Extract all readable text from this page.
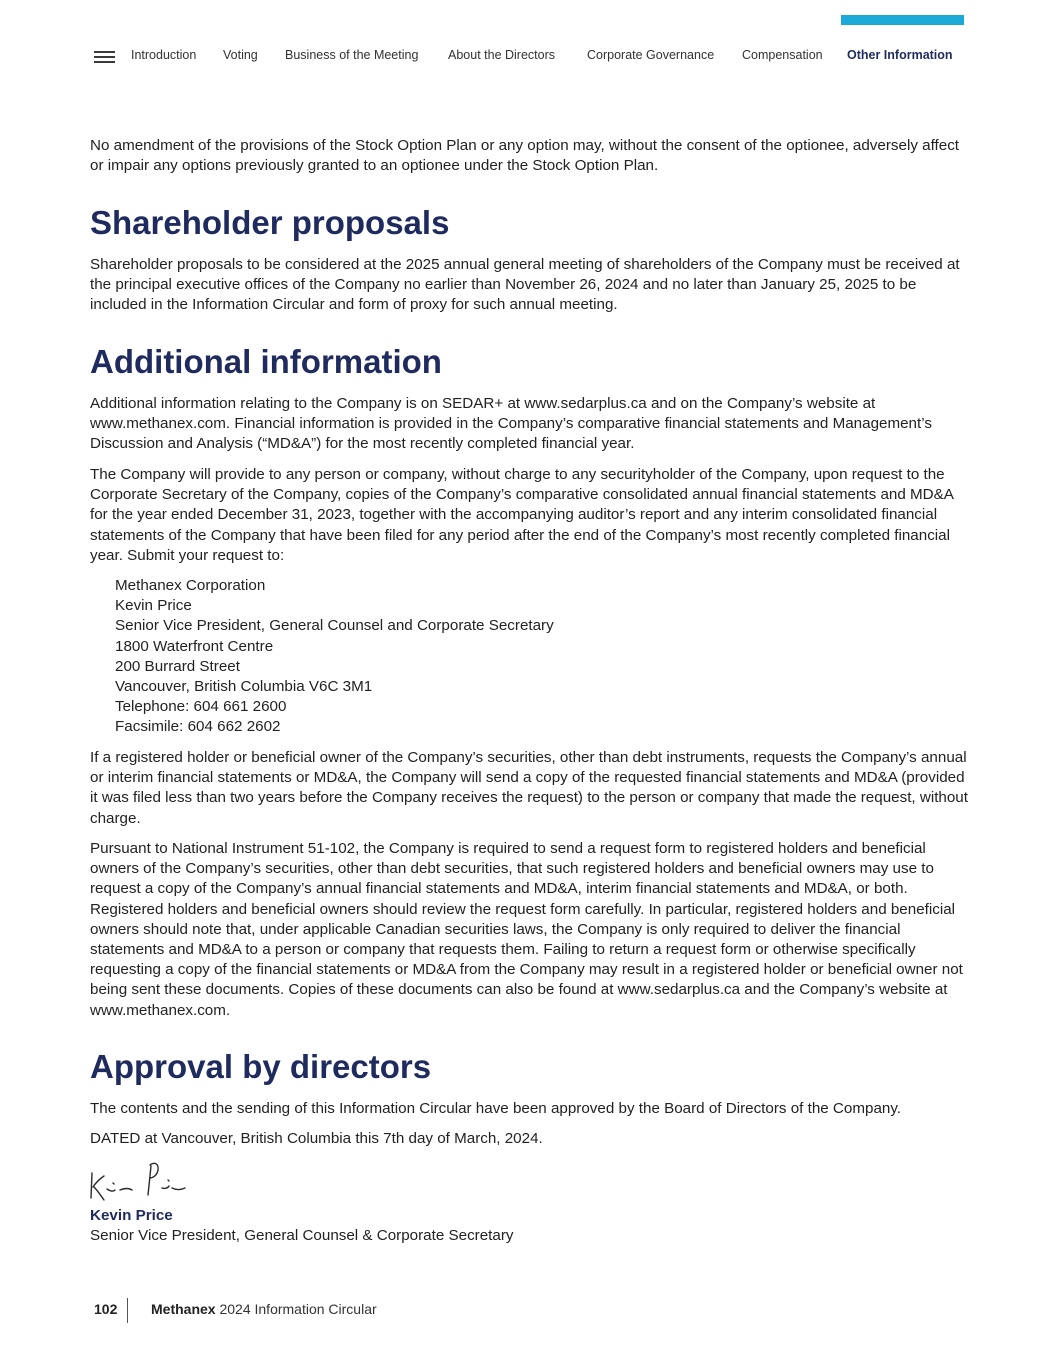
Introduction Voting Business of the Meeting About the Directors	Corporate Governance Compensation Other Information

No amendment of the provisions of the Stock Option Plan or any option may, without the consent of the optionee, adversely affect or impair any options previously granted to an optionee under the Stock Option Plan.

Shareholder proposals

Shareholder proposals to be considered at the 2025 annual general meeting of shareholders of the Company must be received at the principal executive offices of the Company no earlier than November 26, 2024 and no later than January 25, 2025 to be included in the Information Circular and form of proxy for such annual meeting.

Additional information

Additional information relating to the Company is on SEDAR+ at www.sedarplus.ca and on the Company’s website at www.methanex.com. Financial information is provided in the Company’s comparative financial statements and Management’s Discussion and Analysis (“MD&A”) for the most recently completed financial year.

The Company will provide to any person or company, without charge to any securityholder of the Company, upon request to the Corporate Secretary of the Company, copies of the Company’s comparative consolidated annual financial statements and MD&A for the year ended December 31, 2023, together with the accompanying auditor’s report and any interim consolidated financial statements of the Company that have been filed for any period after the end of the Company’s most recently completed financial year. Submit your request to:

Methanex Corporation
Kevin Price
Senior Vice President, General Counsel and Corporate Secretary
1800 Waterfront Centre
200 Burrard Street
Vancouver, British Columbia V6C 3M1
Telephone: 604 661 2600
Facsimile: 604 662 2602

If a registered holder or beneficial owner of the Company’s securities, other than debt instruments, requests the Company’s annual or interim financial statements or MD&A, the Company will send a copy of the requested financial statements and MD&A (provided it was filed less than two years before the Company receives the request) to the person or company that made the request, without charge.

Pursuant to National Instrument 51-102, the Company is required to send a request form to registered holders and beneficial owners of the Company’s securities, other than debt securities, that such registered holders and beneficial owners may use to request a copy of the Company’s annual financial statements and MD&A, interim financial statements and MD&A, or both. Registered holders and beneficial owners should review the request form carefully. In particular, registered holders and beneficial owners should note that, under applicable Canadian securities laws, the Company is only required to deliver the financial statements and MD&A to a person or company that requests them. Failing to return a request form or otherwise specifically requesting a copy of the financial statements or MD&A from the Company may result in a registered holder or beneficial owner not being sent these documents. Copies of these documents can also be found at www.sedarplus.ca and the Company’s website at www.methanex.com.

Approval by directors

The contents and the sending of this Information Circular have been approved by the Board of Directors of the Company.

DATED at Vancouver, British Columbia this 7th day of March, 2024.

Kevin Price
Senior Vice President, General Counsel & Corporate Secretary
102 Methanex 2024 Information Circular
